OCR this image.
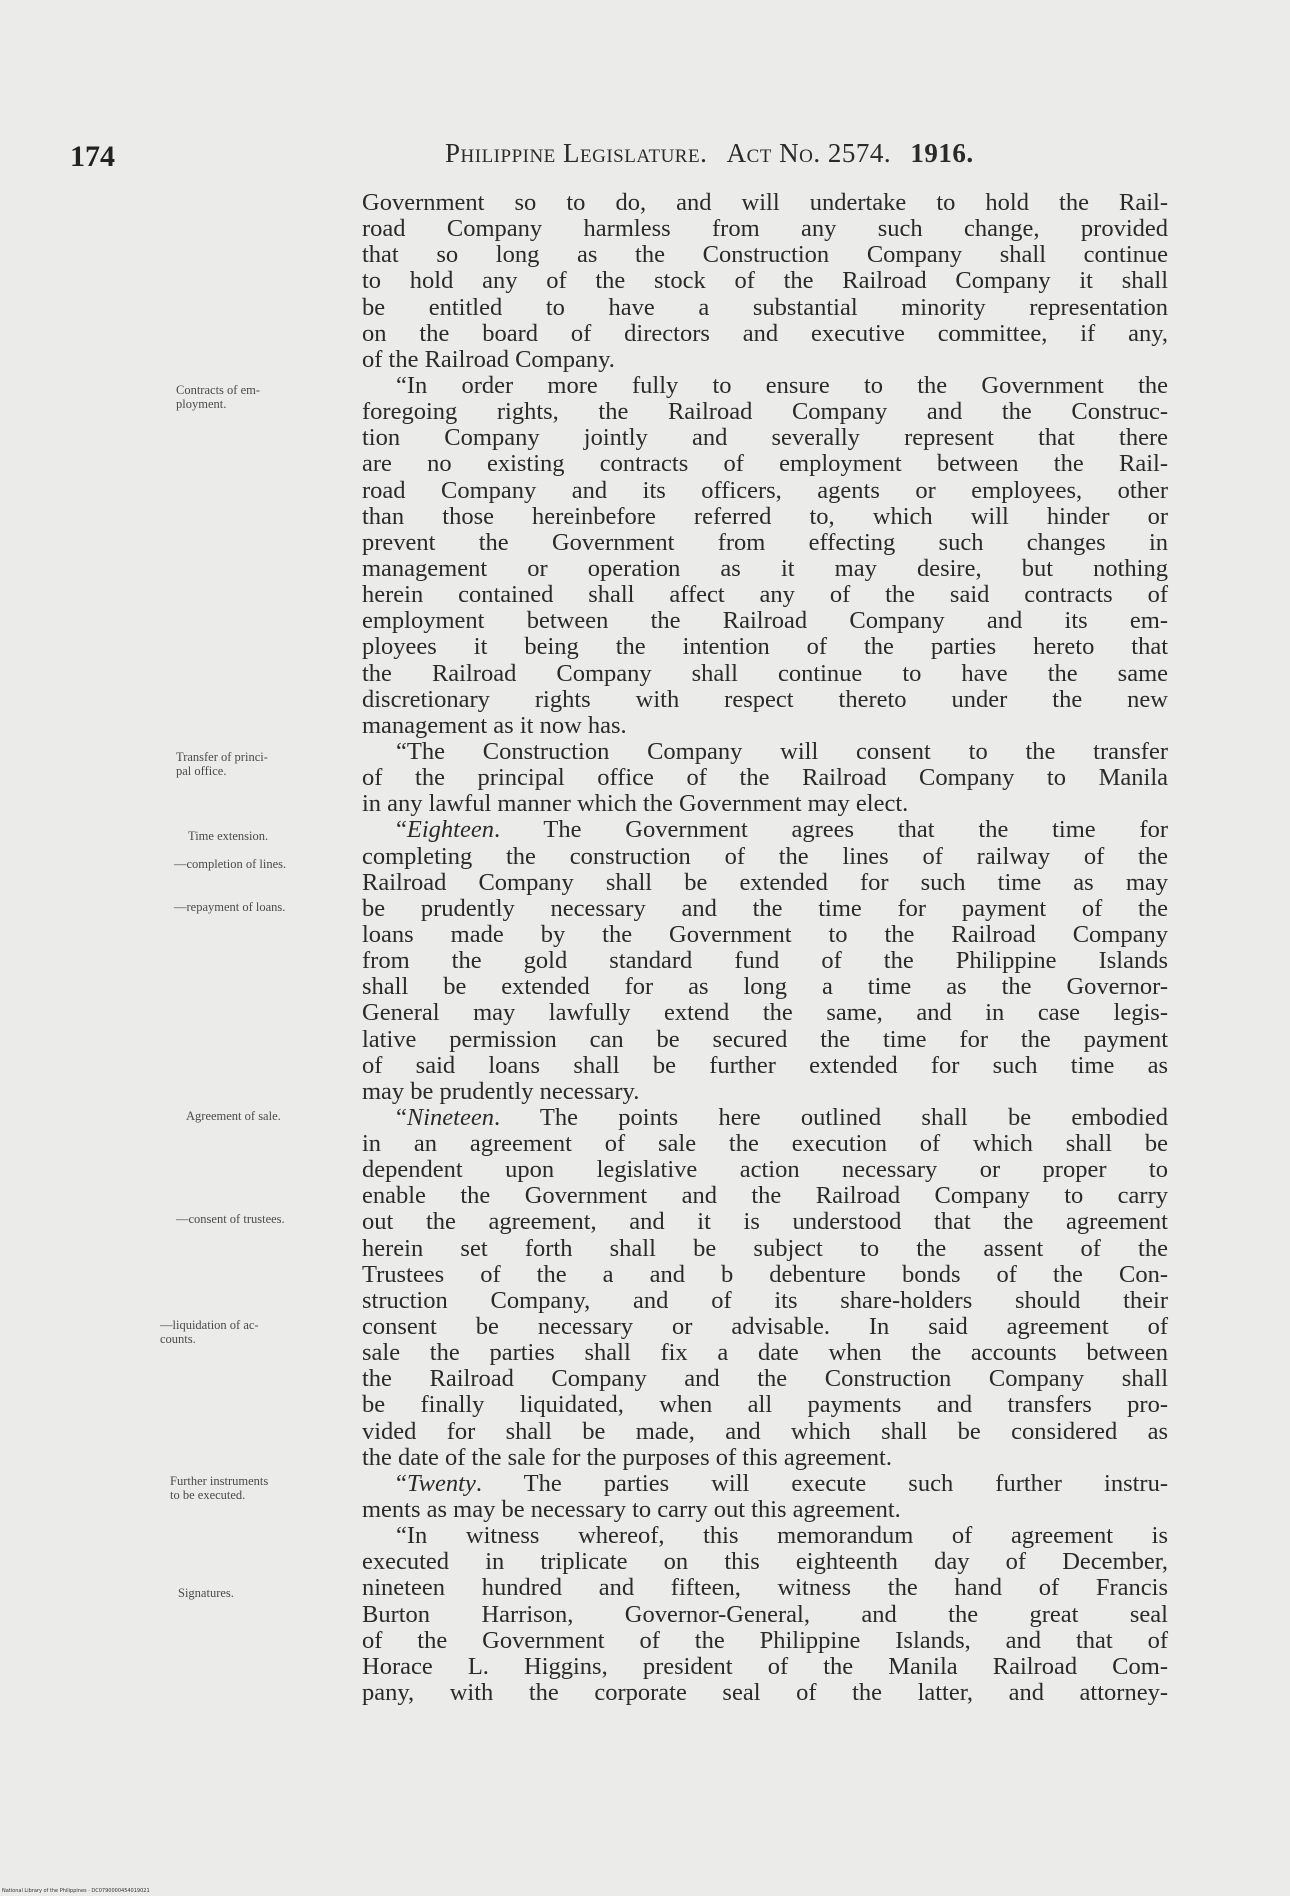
174	Philippine Legislature. Act No. 2574. 1916.
Contracts of em-
ployment.
Transfer of princi-
pal office.
Time extension.
—completion of lines.
—repayment of loans.
Agreement of sale.
—consent of trustees.
—liquidation of ac-
counts.
Further instruments
to be executed.
Signatures.
Government so to do, and will undertake to hold the Rail-
road Company harmless from any such change, provided
that so long as the Construction Company shall continue
to hold any of the stock of the Railroad Company it shall
be entitled to have a substantial minority representation
on the board of directors and executive committee, if any,
of the Railroad Company.
“In order more fully to ensure to the Government the
foregoing rights, the Railroad Company and the Construc-
tion Company jointly and severally represent that there
are no existing contracts of employment between the Rail-
road Company and its officers, agents or employees, other
than those hereinbefore referred to, which will hinder or
prevent the Government from effecting such changes in
management or operation as it may desire, but nothing
herein contained shall affect any of the said contracts of
employment between the Railroad Company and its em-
ployees it being the intention of the parties hereto that
the Railroad Company shall continue to have the same
discretionary rights with respect thereto under the new
management as it now has.
“The Construction Company will consent to the transfer
of the principal office of the Railroad Company to Manila
in any lawful manner which the Government may elect.
“Eighteen. The Government agrees that the time for
completing the construction of the lines of railway of the
Railroad Company shall be extended for such time as may
be prudently necessary and the time for payment of the
loans made by the Government to the Railroad Company
from the gold standard fund of the Philippine Islands
shall be extended for as long a time as the Governor-
General may lawfully extend the same, and in case legis-
lative permission can be secured the time for the payment
of said loans shall be further extended for such time as
may be prudently necessary.
“Nineteen. The points here outlined shall be embodied
in an agreement of sale the execution of which shall be
dependent upon legislative action necessary or proper to
enable the Government and the Railroad Company to carry
out the agreement, and it is understood that the agreement
herein set forth shall be subject to the assent of the
Trustees of the a and b debenture bonds of the Con-
struction Company, and of its share-holders should their
consent be necessary or advisable. In said agreement of
sale the parties shall fix a date when the accounts between
the Railroad Company and the Construction Company shall
be finally liquidated, when all payments and transfers pro-
vided for shall be made, and which shall be considered as
the date of the sale for the purposes of this agreement.
“Twenty. The parties will execute such further instru-
ments as may be necessary to carry out this agreement.
“In witness whereof, this memorandum of agreement is
executed in triplicate on this eighteenth day of December,
nineteen hundred and fifteen, witness the hand of Francis
Burton Harrison, Governor-General, and the great seal
of the Government of the Philippine Islands, and that of
Horace L. Higgins, president of the Manila Railroad Com-
pany, with the corporate seal of the latter, and attorney-
National Library of the Philippines · DC0790000454019021
